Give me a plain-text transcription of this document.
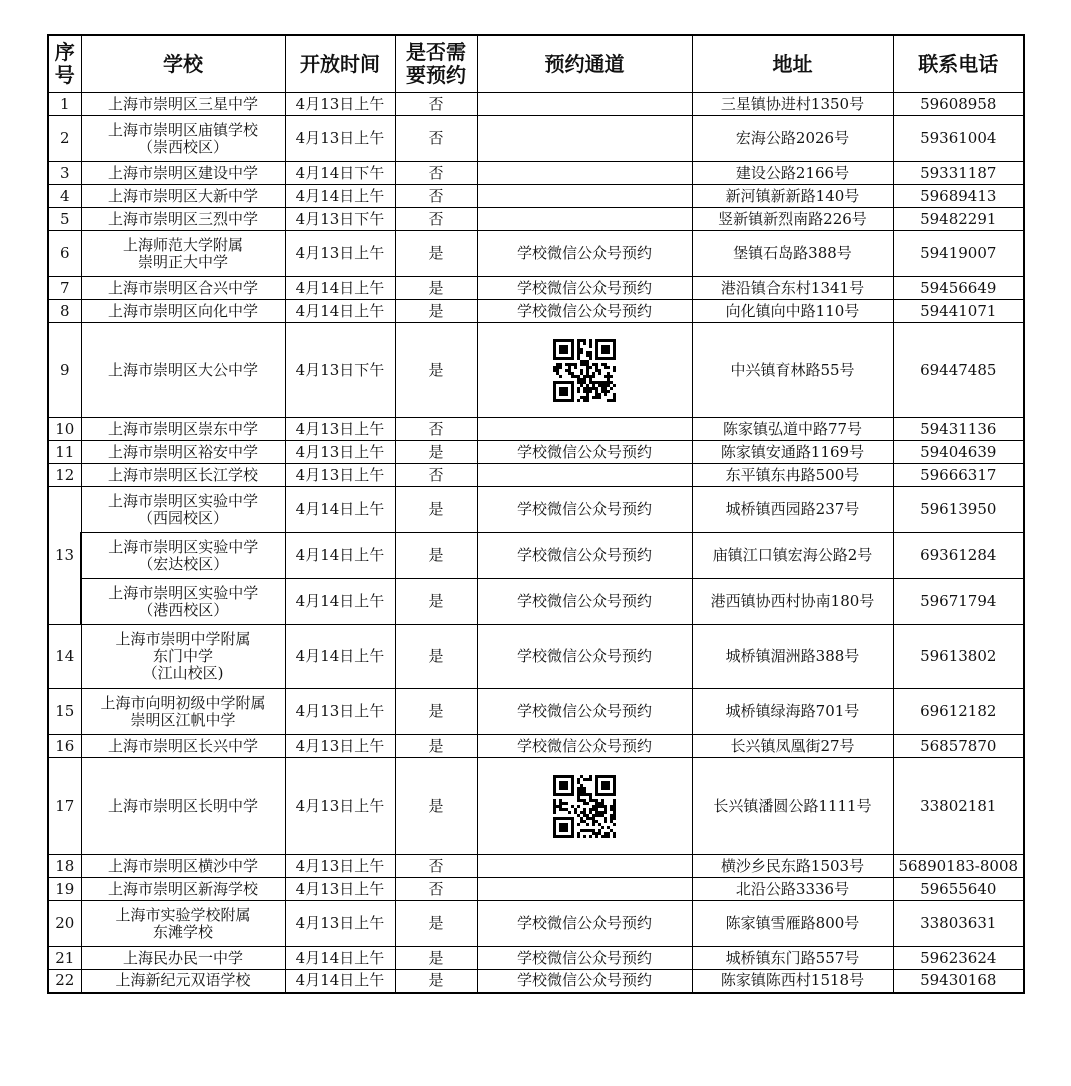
序
号	学校	开放时间	是否需
要预约	预约通道	地址	联系电话
1	上海市崇明区三星中学	4月13日上午	否		三星镇协进村1350号	59608958
2	上海市崇明区庙镇学校
（崇西校区）	4月13日上午	否		宏海公路2026号	59361004
3	上海市崇明区建设中学	4月14日下午	否		建设公路2166号	59331187
4	上海市崇明区大新中学	4月14日上午	否		新河镇新新路140号	59689413
5	上海市崇明区三烈中学	4月13日下午	否		竖新镇新烈南路226号	59482291
6	上海师范大学附属
崇明正大中学	4月13日上午	是	学校微信公众号预约	堡镇石岛路388号	59419007
7	上海市崇明区合兴中学	4月14日上午	是	学校微信公众号预约	港沿镇合东村1341号	59456649
8	上海市崇明区向化中学	4月14日上午	是	学校微信公众号预约	向化镇向中路110号	59441071
9	上海市崇明区大公中学	4月13日下午	是		中兴镇育林路55号	69447485
10	上海市崇明区崇东中学	4月13日上午	否		陈家镇弘道中路77号	59431136
11	上海市崇明区裕安中学	4月13日上午	是	学校微信公众号预约	陈家镇安通路1169号	59404639
12	上海市崇明区长江学校	4月13日上午	否		东平镇东冉路500号	59666317
13	上海市崇明区实验中学
（西园校区）	4月14日上午	是	学校微信公众号预约	城桥镇西园路237号	59613950

	上海市崇明区实验中学
（宏达校区）	4月14日上午	是	学校微信公众号预约	庙镇江口镇宏海公路2号	69361284

	上海市崇明区实验中学
（港西校区）	4月14日上午	是	学校微信公众号预约	港西镇协西村协南180号	59671794
14	上海市崇明中学附属
东门中学
（江山校区)	4月14日上午	是	学校微信公众号预约	城桥镇湄洲路388号	59613802
15	上海市向明初级中学附属
崇明区江帆中学	4月13日上午	是	学校微信公众号预约	城桥镇绿海路701号	69612182
16	上海市崇明区长兴中学	4月13日上午	是	学校微信公众号预约	长兴镇凤凰街27号	56857870
17	上海市崇明区长明中学	4月13日上午	是		长兴镇潘圆公路1111号	33802181
18	上海市崇明区横沙中学	4月13日上午	否		横沙乡民东路1503号	56890183-8008
19	上海市崇明区新海学校	4月13日上午	否		北沿公路3336号	59655640
20	上海市实验学校附属
东滩学校	4月13日上午	是	学校微信公众号预约	陈家镇雪雁路800号	33803631
21	上海民办民一中学	4月14日上午	是	学校微信公众号预约	城桥镇东门路557号	59623624
22	上海新纪元双语学校	4月14日上午	是	学校微信公众号预约	陈家镇陈西村1518号	59430168
